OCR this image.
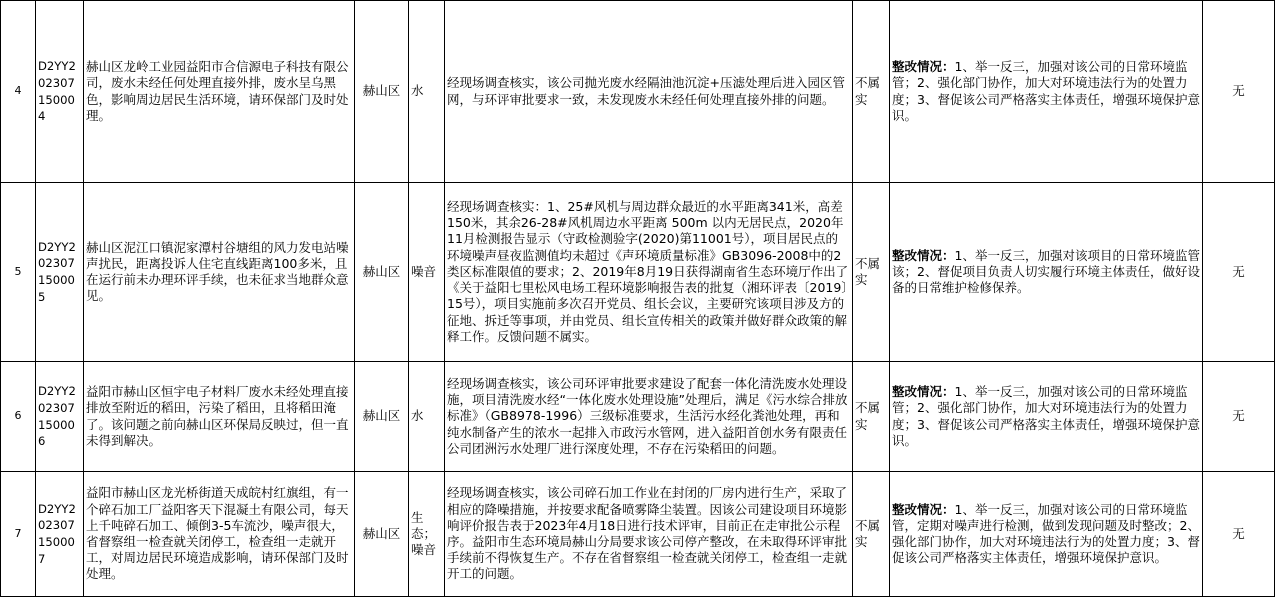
4	D2YY202307150004	赫山区龙岭工业园益阳市合信源电子科技有限公司，废水未经任何处理直接外排，废水呈乌黑色，影响周边居民生活环境，请环保部门及时处理。	赫山区	水	经现场调查核实，该公司抛光废水经隔油池沉淀+压滤处理后进入园区管网，与环评审批要求一致，未发现废水未经任何处理直接外排的问题。	不属实	整改情况：1、举一反三，加强对该公司的日常环境监管；2、强化部门协作，加大对环境违法行为的处置力度；3、督促该公司严格落实主体责任，增强环境保护意识。	无
5	D2YY202307150005	赫山区泥江口镇泥家潭村谷塘组的风力发电站噪声扰民，距离投诉人住宅直线距离100多米，且在运行前未办理环评手续，也未征求当地群众意见。	赫山区	噪音	经现场调查核实：1、25#风机与周边群众最近的水平距离341米，高差150米，其余26-28#风机周边水平距离 500m 以内无居民点，2020年11月检测报告显示（守政检测验字(2020)第11001号），项目居民点的环境噪声昼夜监测值均未超过《声环境质量标准》GB3096-2008中的2类区标准限值的要求；2、2019年8月19日获得湖南省生态环境厅作出了《关于益阳七里松风电场工程环境影响报告表的批复（湘环评表〔2019〕15号），项目实施前多次召开党员、组长会议，主要研究该项目涉及方的征地、拆迁等事项，并由党员、组长宣传相关的政策并做好群众政策的解释工作。反馈问题不属实。	不属实	整改情况：1、举一反三，加强对该项目的日常环境监管该；2、督促项目负责人切实履行环境主体责任，做好设备的日常维护检修保养。	无
6	D2YY202307150006	益阳市赫山区恒宇电子材料厂废水未经处理直接排放至附近的稻田，污染了稻田，且将稻田淹了。该问题之前向赫山区环保局反映过，但一直未得到解决。	赫山区	水	经现场调查核实，该公司环评审批要求建设了配套一体化清洗废水处理设施，项目清洗废水经“一体化废水处理设施”处理后，满足《污水综合排放标准》（GB8978-1996）三级标准要求，生活污水经化粪池处理，再和纯水制备产生的浓水一起排入市政污水管网，进入益阳首创水务有限责任公司团洲污水处理厂进行深度处理，不存在污染稻田的问题。	不属实	整改情况：1、举一反三，加强对该公司的日常环境监管；2、强化部门协作，加大对环境违法行为的处置力度；3、督促该公司严格落实主体责任，增强环境保护意识。	无
7	D2YY202307150007	益阳市赫山区龙光桥街道天成皖村红旗组，有一个碎石加工厂益阳客天下混凝土有限公司，每天上千吨碎石加工、倾倒3-5车流沙，噪声很大，省督察组一检查就关闭停工，检查组一走就开工，对周边居民环境造成影响，请环保部门及时处理。	赫山区	生态；噪音	经现场调查核实，该公司碎石加工作业在封闭的厂房内进行生产，采取了相应的降噪措施，并按要求配备喷雾降尘装置。因该公司建设项目环境影响评价报告表于2023年4月18日进行技术评审，目前正在走审批公示程序。益阳市生态环境局赫山分局要求该公司停产整改，在未取得环评审批手续前不得恢复生产。不存在省督察组一检查就关闭停工，检查组一走就开工的问题。	不属实	整改情况：1、举一反三，加强对该公司的日常环境监管，定期对噪声进行检测，做到发现问题及时整改；2、强化部门协作，加大对环境违法行为的处置力度；3、督促该公司严格落实主体责任，增强环境保护意识。	无
